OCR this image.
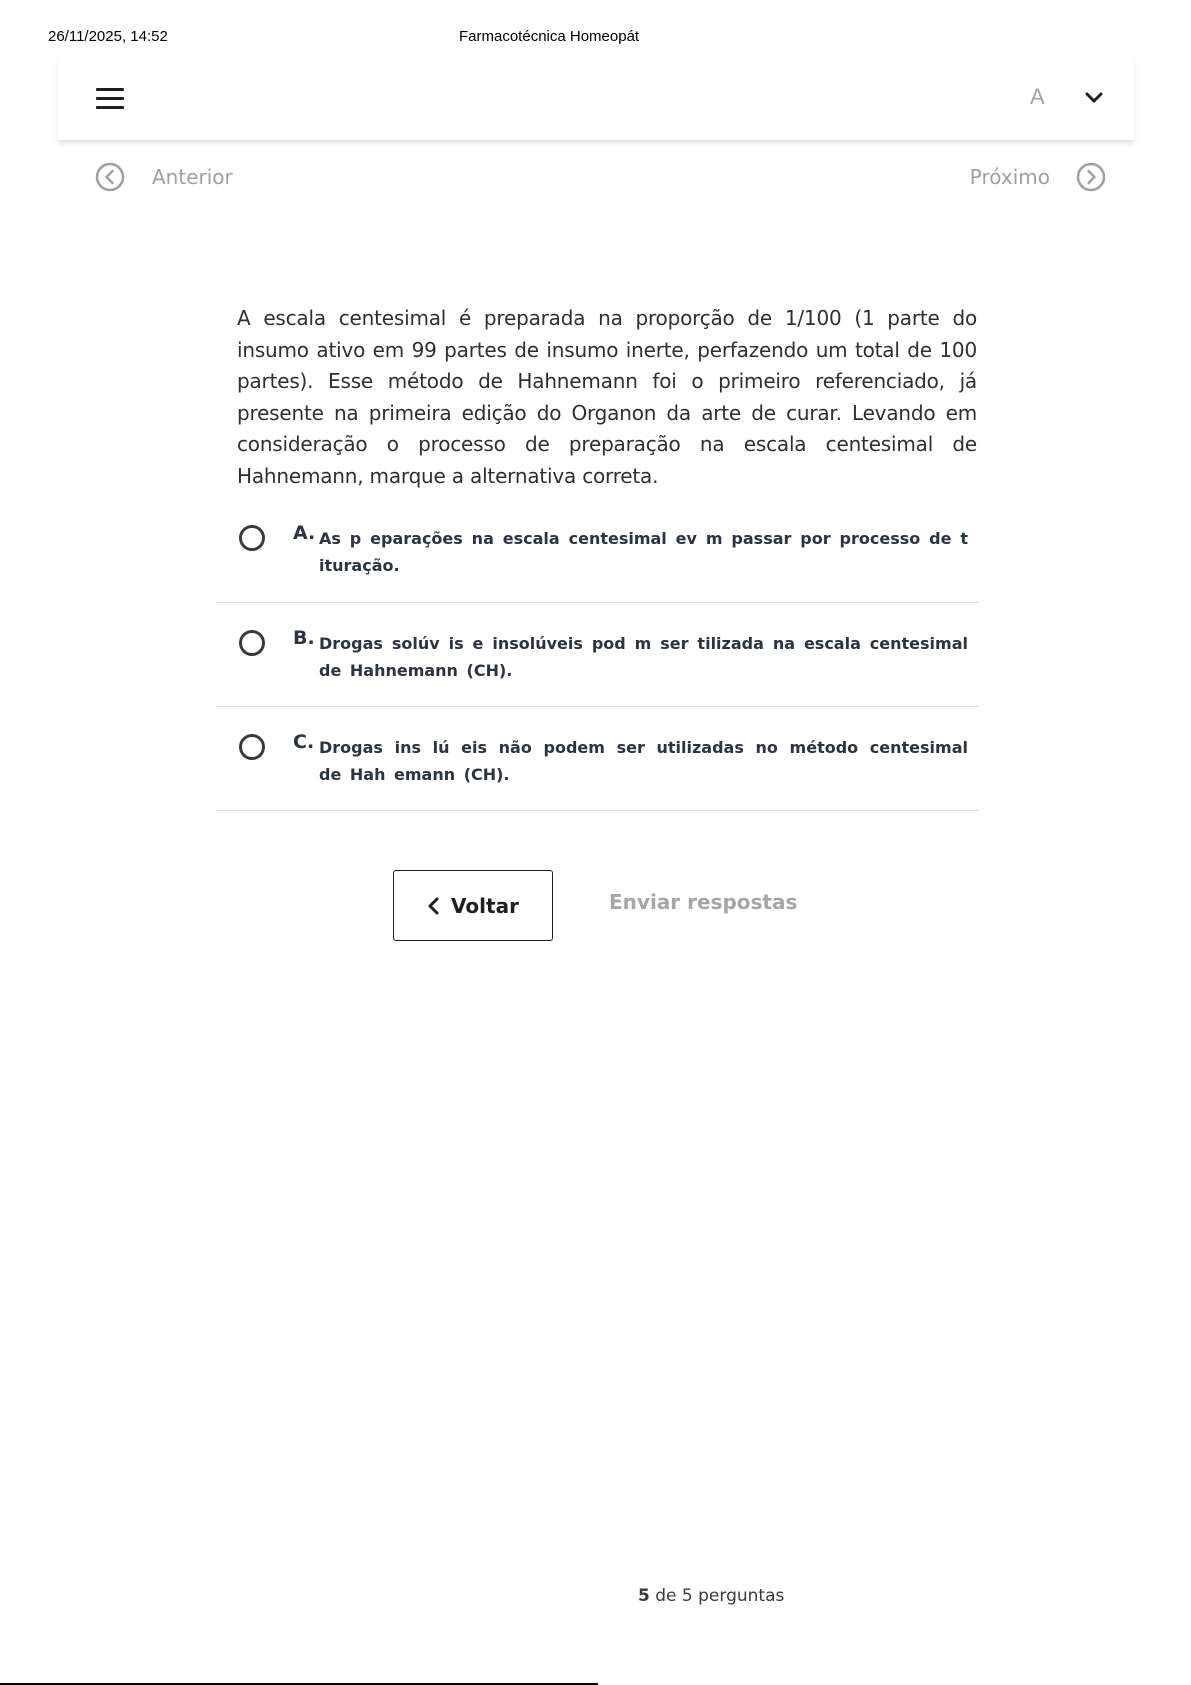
26/11/2025, 14:52	Farmacotécnica Homeopát
A
Anterior	Próximo
A escala centesimal é preparada na proporção de 1/100 (1 parte do insumo ativo em 99 partes de insumo inerte, perfazendo um total de 100 partes). Esse método de Hahnemann foi o primeiro referenciado, já presente na primeira edição do Organon da arte de curar. Levando em consideração o processo de preparação na escala centesimal de Hahnemann, marque a alternativa correta.
A. As p eparações na escala centesimal ev m passar por processo de t ituração.
B. Drogas solúv is e insolúveis pod m ser tilizada na escala centesimal de Hahnemann (CH).
C. Drogas ins lú eis não podem ser utilizadas no método centesimal de Hah emann (CH).
Voltar	Enviar respostas
5 de 5 perguntas
